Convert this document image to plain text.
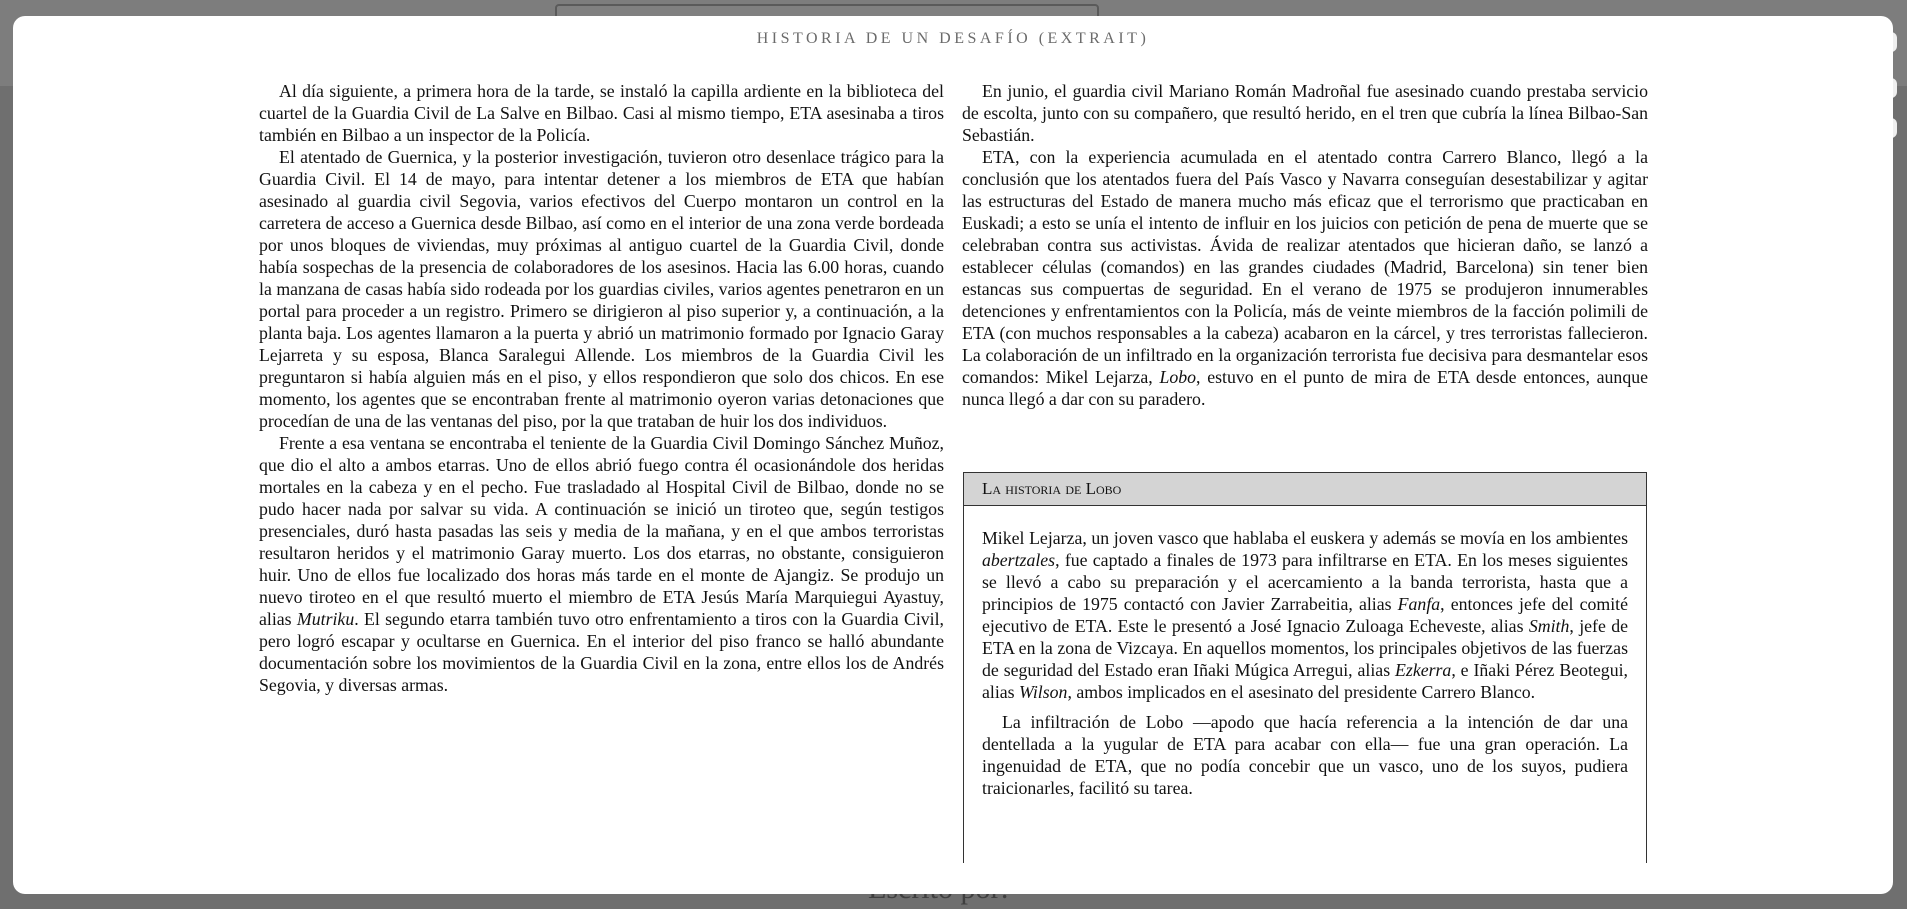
HISTORIA DE UN DESAFÍO (EXTRAIT)

Al día siguiente, a primera hora de la tarde, se instaló la capilla ardiente en la biblioteca del cuartel de la Guardia Civil de La Salve en Bilbao. Casi al mismo tiempo, ETA asesinaba a tiros también en Bilbao a un inspector de la Policía.

El atentado de Guernica, y la posterior investigación, tuvieron otro desenlace trágico para la Guardia Civil. El 14 de mayo, para intentar detener a los miembros de ETA que habían asesinado al guardia civil Segovia, varios efectivos del Cuerpo montaron un control en la carretera de acceso a Guernica desde Bilbao, así como en el interior de una zona verde bordeada por unos bloques de viviendas, muy próximas al antiguo cuartel de la Guardia Civil, donde había sospechas de la presencia de colaboradores de los asesinos. Hacia las 6.00 horas, cuando la manzana de casas había sido rodeada por los guardias civiles, varios agentes penetraron en un portal para proceder a un registro. Primero se dirigieron al piso superior y, a continuación, a la planta baja. Los agentes llamaron a la puerta y abrió un matrimonio formado por Ignacio Garay Lejarreta y su esposa, Blanca Saralegui Allende. Los miembros de la Guardia Civil les preguntaron si había alguien más en el piso, y ellos respondieron que solo dos chicos. En ese momento, los agentes que se encontraban frente al matrimonio oyeron varias detonaciones que procedían de una de las ventanas del piso, por la que trataban de huir los dos individuos.

Frente a esa ventana se encontraba el teniente de la Guardia Civil Domingo Sánchez Muñoz, que dio el alto a ambos etarras. Uno de ellos abrió fuego contra él ocasionándole dos heridas mortales en la cabeza y en el pecho. Fue trasladado al Hospital Civil de Bilbao, donde no se pudo hacer nada por salvar su vida. A continuación se inició un tiroteo que, según testigos presenciales, duró hasta pasadas las seis y media de la mañana, y en el que ambos terroristas resultaron heridos y el matrimonio Garay muerto. Los dos etarras, no obstante, consiguieron huir. Uno de ellos fue localizado dos horas más tarde en el monte de Ajangiz. Se produjo un nuevo tiroteo en el que resultó muerto el miembro de ETA Jesús María Marquiegui Ayastuy, alias Mutriku. El segundo etarra también tuvo otro enfrentamiento a tiros con la Guardia Civil, pero logró escapar y ocultarse en Guernica. En el interior del piso franco se halló abundante documentación sobre los movimientos de la Guardia Civil en la zona, entre ellos los de Andrés Segovia, y diversas armas.

En junio, el guardia civil Mariano Román Madroñal fue asesinado cuando prestaba servicio de escolta, junto con su compañero, que resultó herido, en el tren que cubría la línea Bilbao-San Sebastián.

ETA, con la experiencia acumulada en el atentado contra Carrero Blanco, llegó a la conclusión que los atentados fuera del País Vasco y Navarra conseguían desestabilizar y agitar las estructuras del Estado de manera mucho más eficaz que el terrorismo que practicaban en Euskadi; a esto se unía el intento de influir en los juicios con petición de pena de muerte que se celebraban contra sus activistas. Ávida de realizar atentados que hicieran daño, se lanzó a establecer células (comandos) en las grandes ciudades (Madrid, Barcelona) sin tener bien estancas sus compuertas de seguridad. En el verano de 1975 se produjeron innumerables detenciones y enfrentamientos con la Policía, más de veinte miembros de la facción polimili de ETA (con muchos responsables a la cabeza) acabaron en la cárcel, y tres terroristas fallecieron. La colaboración de un infiltrado en la organización terrorista fue decisiva para desmantelar esos comandos: Mikel Lejarza, Lobo, estuvo en el punto de mira de ETA desde entonces, aunque nunca llegó a dar con su paradero.

La historia de Lobo

Mikel Lejarza, un joven vasco que hablaba el euskera y además se movía en los ambientes abertzales, fue captado a finales de 1973 para infiltrarse en ETA. En los meses siguientes se llevó a cabo su preparación y el acercamiento a la banda terrorista, hasta que a principios de 1975 contactó con Javier Zarrabeitia, alias Fanfa, entonces jefe del comité ejecutivo de ETA. Este le presentó a José Ignacio Zuloaga Echeveste, alias Smith, jefe de ETA en la zona de Vizcaya. En aquellos momentos, los principales objetivos de las fuerzas de seguridad del Estado eran Iñaki Múgica Arregui, alias Ezkerra, e Iñaki Pérez Beotegui, alias Wilson, ambos implicados en el asesinato del presidente Carrero Blanco.

La infiltración de Lobo —apodo que hacía referencia a la intención de dar una dentellada a la yugular de ETA para acabar con ella— fue una gran operación. La ingenuidad de ETA, que no podía concebir que un vasco, uno de los suyos, pudiera traicionarles, facilitó su tarea.
